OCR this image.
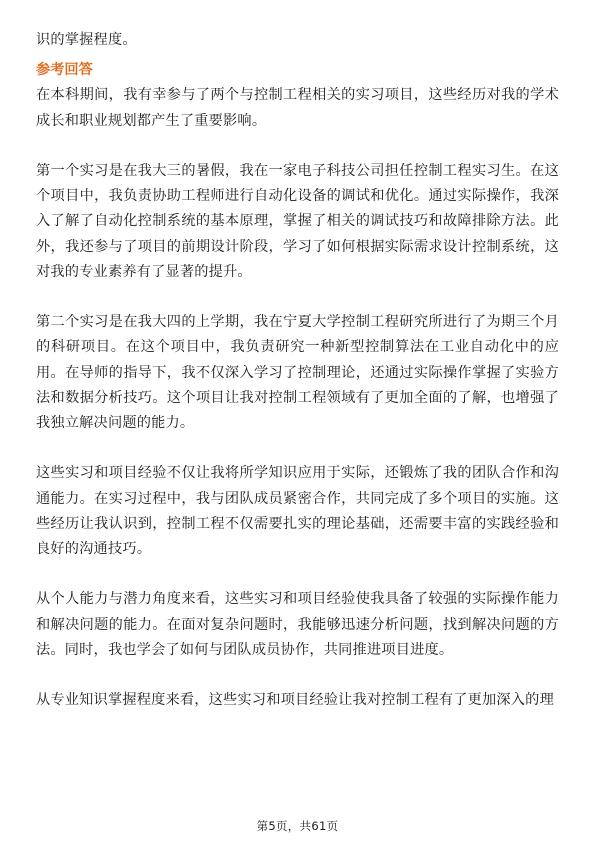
识的掌握程度。

参考回答

在本科期间，我有幸参与了两个与控制工程相关的实习项目，这些经历对我的学术成长和职业规划都产生了重要影响。

第一个实习是在我大三的暑假，我在一家电子科技公司担任控制工程实习生。在这个项目中，我负责协助工程师进行自动化设备的调试和优化。通过实际操作，我深入了解了自动化控制系统的基本原理，掌握了相关的调试技巧和故障排除方法。此外，我还参与了项目的前期设计阶段，学习了如何根据实际需求设计控制系统，这对我的专业素养有了显著的提升。

第二个实习是在我大四的上学期，我在宁夏大学控制工程研究所进行了为期三个月的科研项目。在这个项目中，我负责研究一种新型控制算法在工业自动化中的应用。在导师的指导下，我不仅深入学习了控制理论，还通过实际操作掌握了实验方法和数据分析技巧。这个项目让我对控制工程领域有了更加全面的了解，也增强了我独立解决问题的能力。

这些实习和项目经验不仅让我将所学知识应用于实际，还锻炼了我的团队合作和沟通能力。在实习过程中，我与团队成员紧密合作，共同完成了多个项目的实施。这些经历让我认识到，控制工程不仅需要扎实的理论基础，还需要丰富的实践经验和良好的沟通技巧。

从个人能力与潜力角度来看，这些实习和项目经验使我具备了较强的实际操作能力和解决问题的能力。在面对复杂问题时，我能够迅速分析问题，找到解决问题的方法。同时，我也学会了如何与团队成员协作，共同推进项目进度。

从专业知识掌握程度来看，这些实习和项目经验让我对控制工程有了更加深入的理

第5页，共61页
